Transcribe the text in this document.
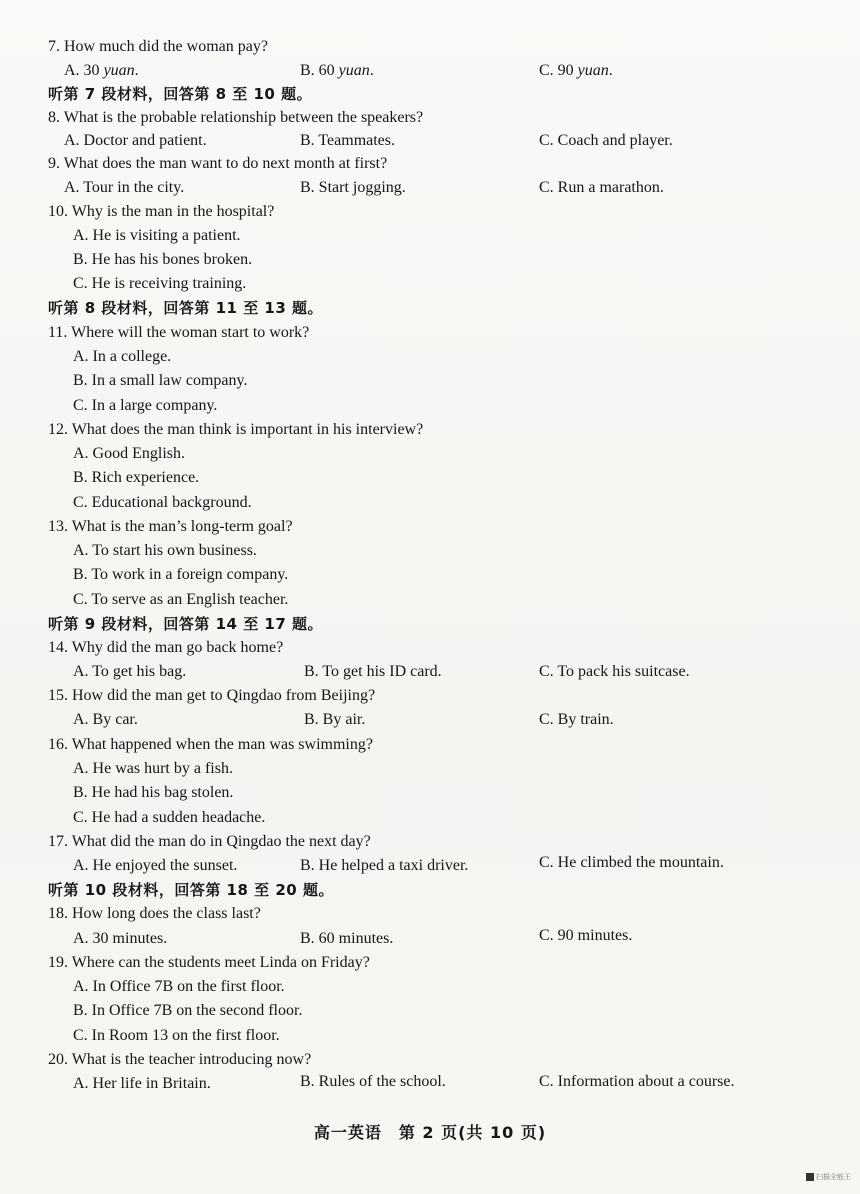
7. How much did the woman pay?
A. 30 yuan.	B. 60 yuan.	C. 90 yuan.
听第 7 段材料，回答第 8 至 10 题。
8. What is the probable relationship between the speakers?
A. Doctor and patient.	B. Teammates.	C. Coach and player.
9. What does the man want to do next month at first?
A. Tour in the city.	B. Start jogging.	C. Run a marathon.
10. Why is the man in the hospital?
A. He is visiting a patient.
B. He has his bones broken.
C. He is receiving training.
听第 8 段材料，回答第 11 至 13 题。
11. Where will the woman start to work?
A. In a college.
B. In a small law company.
C. In a large company.
12. What does the man think is important in his interview?
A. Good English.
B. Rich experience.
C. Educational background.
13. What is the man’s long-term goal?
A. To start his own business.
B. To work in a foreign company.
C. To serve as an English teacher.
听第 9 段材料，回答第 14 至 17 题。
14. Why did the man go back home?
A. To get his bag.	B. To get his ID card.	C. To pack his suitcase.
15. How did the man get to Qingdao from Beijing?
A. By car.	B. By air.	C. By train.
16. What happened when the man was swimming?
A. He was hurt by a fish.
B. He had his bag stolen.
C. He had a sudden headache.
17. What did the man do in Qingdao the next day?
A. He enjoyed the sunset.	B. He helped a taxi driver.	C. He climbed the mountain.
听第 10 段材料，回答第 18 至 20 题。
18. How long does the class last?
A. 30 minutes.	B. 60 minutes.	C. 90 minutes.
19. Where can the students meet Linda on Friday?
A. In Office 7B on the first floor.
B. In Office 7B on the second floor.
C. In Room 13 on the first floor.
20. What is the teacher introducing now?
A. Her life in Britain.	B. Rules of the school.	C. Information about a course.
高一英语　第 2 页(共 10 页)
扫描全能王
